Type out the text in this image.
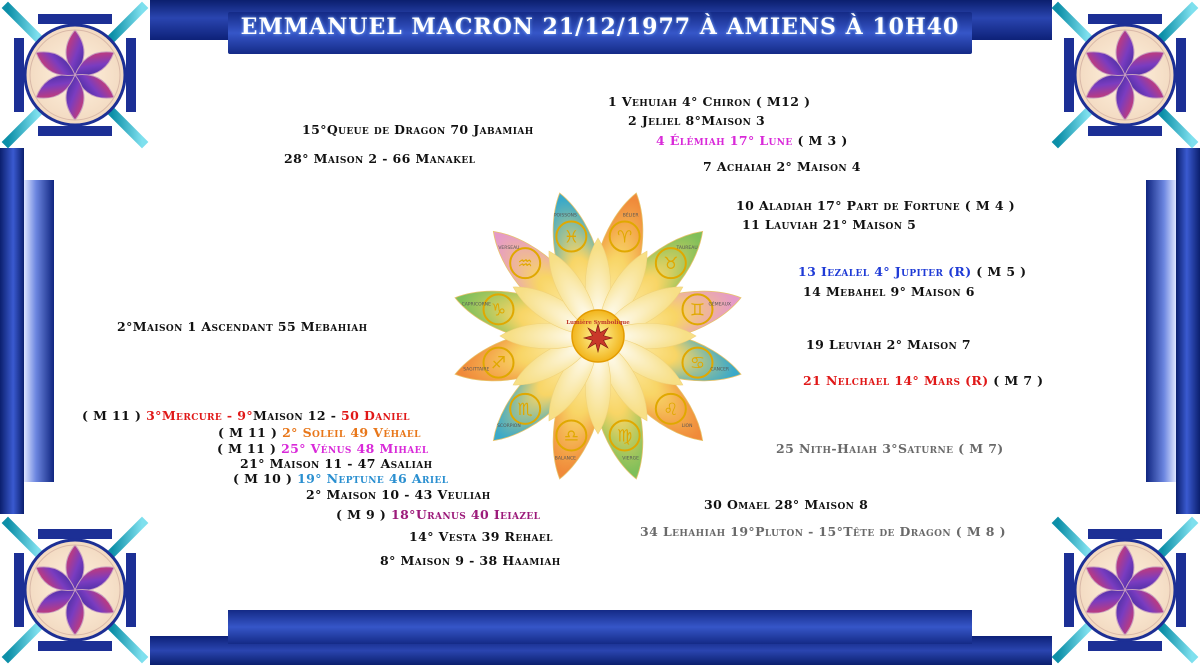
EMMANUEL MACRON 21/12/1977 À AMIENS À 10H40
♓
POISSONS
♈
BÉLIER
♉
TAUREAU
♊ GÉMEAUX
♋ CANCER
♌
LION
♍
VIERGE
♎
BALANCE
♏
SCORPION
♐
SAGITTAIRE
♑
CAPRICORNE
♒
VERSEAU
Lumière Symbolique
1 Vehuiah 4° Chiron ( M12 )
2 Jeliel 8°Maison 3
4 Élémiah 17° Lune ( M 3 )
7 Achaiah 2° Maison 4
10 Aladiah 17° Part de Fortune ( M 4 )
11 Lauviah 21° Maison 5
13 Iezalel 4° Jupiter (R) ( M 5 )
14 Mebahel 9° Maison 6
19 Leuviah 2° Maison 7
21 Nelchael 14° Mars (R) ( M 7 )
25 Nith-Haiah 3°Saturne ( M 7)
30 Omael 28° Maison 8
34 Lehahiah 19°Pluton - 15°Tête de Dragon ( M 8 )
15°Queue de Dragon 70 Jabamiah
28° Maison 2 - 66 Manakel
2°Maison 1 Ascendant 55 Mebahiah
( M 11 ) 3°Mercure - 9°Maison 12 - 50 Daniel
( M 11 ) 2° Soleil 49 Véhael
( M 11 ) 25° Vénus 48 Mihael
21° Maison 11 - 47 Asaliah
( M 10 ) 19° Neptune 46 Ariel
2° Maison 10 - 43 Veuliah
( M 9 ) 18°Uranus 40 Ieiazel
14° Vesta 39 Rehael
8° Maison 9 - 38 Haamiah
